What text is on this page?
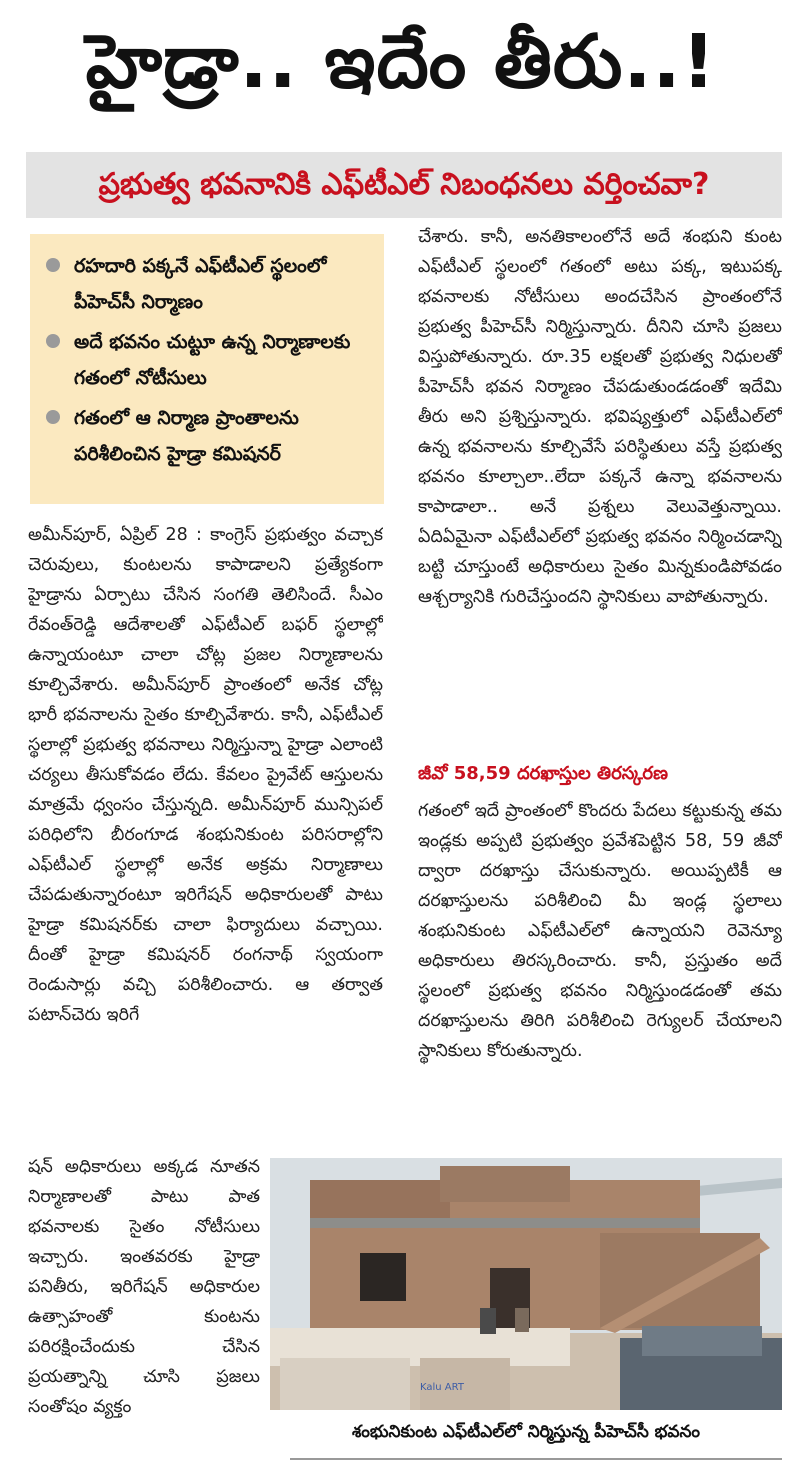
హైడ్రా.. ఇదేం తీరు..!
ప్రభుత్వ భవనానికి ఎఫ్‌టీఎల్ నిబంధనలు వర్తించవా?
రహదారి పక్కనే ఎఫ్‌టీఎల్ స్థలంలో పీహెచ్‌సీ నిర్మాణం
అదే భవనం చుట్టూ ఉన్న నిర్మాణాలకు గతంలో నోటీసులు
గతంలో ఆ నిర్మాణ ప్రాంతాలను పరిశీలించిన హైడ్రా కమిషనర్
అమీన్‌పూర్, ఏప్రిల్ 28 : కాంగ్రెస్ ప్రభుత్వం వచ్చాక చెరువులు, కుంటలను కాపాడాలని ప్రత్యేకంగా హైడ్రాను ఏర్పాటు చేసిన సంగతి తెలిసిందే. సీఎం రేవంత్‌రెడ్డి ఆదేశాలతో ఎఫ్‌టీఎల్ బఫర్ స్థలాల్లో ఉన్నాయంటూ చాలా చోట్ల ప్రజల నిర్మాణాలను కూల్చివేశారు. అమీన్‌పూర్ ప్రాంతంలో అనేక చోట్ల భారీ భవనాలను సైతం కూల్చివేశారు. కానీ, ఎఫ్‌టీఎల్ స్థలాల్లో ప్రభుత్వ భవనాలు నిర్మిస్తున్నా హైడ్రా ఎలాంటి చర్యలు తీసుకోవడం లేదు. కేవలం ప్రైవేట్ ఆస్తులను మాత్రమే ధ్వంసం చేస్తున్నది. అమీన్‌పూర్ మున్సిపల్ పరిధిలోని బీరంగూడ శంభునికుంట పరిసరాల్లోని ఎఫ్‌టీఎల్ స్థలాల్లో అనేక అక్రమ నిర్మాణాలు చేపడుతున్నారంటూ ఇరిగేషన్ అధికారులతో పాటు హైడ్రా కమిషనర్‌కు చాలా ఫిర్యాదులు వచ్చాయి. దీంతో హైడ్రా కమిషనర్ రంగనాథ్ స్వయంగా రెండుసార్లు వచ్చి పరిశీలించారు. ఆ తర్వాత పటాన్‌చెరు ఇరిగే
షన్ అధికారులు అక్కడ నూతన నిర్మాణాలతో పాటు పాత భవనాలకు సైతం నోటీసులు ఇచ్చారు. ఇంతవరకు హైడ్రా పనితీరు, ఇరిగేషన్ అధికారుల ఉత్సాహంతో కుంటను పరిరక్షించేందుకు చేసిన ప్రయత్నాన్ని చూసి ప్రజలు సంతోషం వ్యక్తం
చేశారు. కానీ, అనతికాలంలోనే అదే శంభుని కుంట ఎఫ్‌టీఎల్ స్థలంలో గతంలో అటు పక్క, ఇటుపక్క భవనాలకు నోటీసులు అందచేసిన ప్రాంతంలోనే ప్రభుత్వ పీహెచ్‌సీ నిర్మిస్తున్నారు. దీనిని చూసి ప్రజలు విస్తుపోతున్నారు. రూ.35 లక్షలతో ప్రభుత్వ నిధులతో పీహెచ్‌సీ భవన నిర్మాణం చేపడుతుండడంతో ఇదేమి తీరు అని ప్రశ్నిస్తున్నారు. భవిష్యత్తులో ఎఫ్‌టీఎల్‌లో ఉన్న భవనాలను కూల్చివేసే పరిస్థితులు వస్తే ప్రభుత్వ భవనం కూల్చాలా..లేదా పక్కనే ఉన్నా భవనాలను కాపాడాలా.. అనే ప్రశ్నలు వెలువెత్తున్నాయి. ఏదిఏమైనా ఎఫ్‌టీఎల్‌లో ప్రభుత్వ భవనం నిర్మించడాన్ని బట్టి చూస్తుంటే అధికారులు సైతం మిన్నకుండిపోవడం ఆశ్చర్యానికి గురిచేస్తుందని స్థానికులు వాపోతున్నారు.
జీవో 58,59 దరఖాస్తుల తిరస్కరణ
గతంలో ఇదే ప్రాంతంలో కొందరు పేదలు కట్టుకున్న తమ ఇండ్లకు అప్పటి ప్రభుత్వం ప్రవేశపెట్టిన 58, 59 జీవో ద్వారా దరఖాస్తు చేసుకున్నారు. అయిప్పటికీ ఆ దరఖాస్తులను పరిశీలించి మీ ఇండ్ల స్థలాలు శంభునికుంట ఎఫ్‌టీఎల్‌లో ఉన్నాయని రెవెన్యూ అధికారులు తిరస్కరించారు. కానీ, ప్రస్తుతం అదే స్థలంలో ప్రభుత్వ భవనం నిర్మిస్తుండడంతో తమ దరఖాస్తులను తిరిగి పరిశీలించి రెగ్యులర్ చేయాలని స్థానికులు కోరుతున్నారు.
Kalu ART
శంభునికుంట ఎఫ్‌టీఎల్‌లో నిర్మిస్తున్న పీహెచ్‌సీ భవనం
